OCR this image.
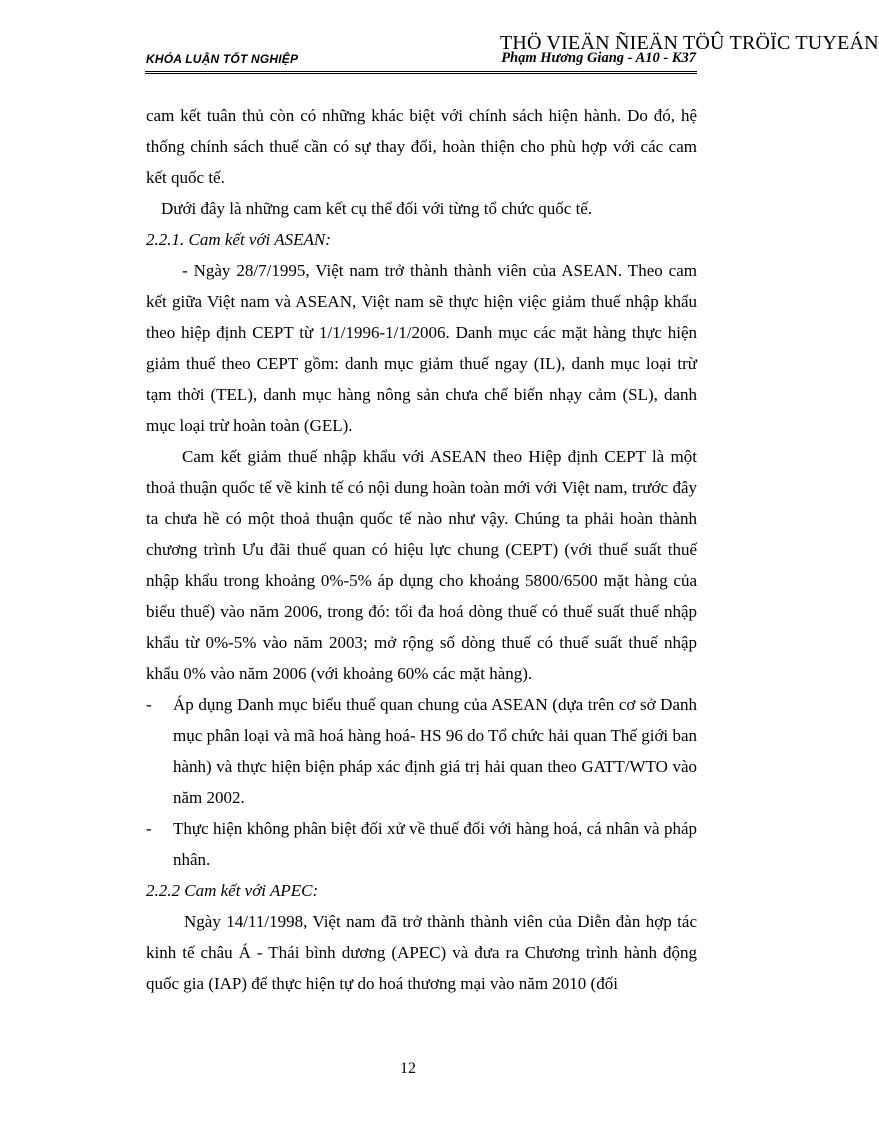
THÖ VIEÄN ÑIEÄN TÖÛ TRÖÏC TUYEÁN
KHÓA LUẬN TỐT NGHIỆP	Phạm Hương Giang - A10 - K37

cam kết tuân thủ còn có những khác biệt với chính sách hiện hành. Do đó, hệ thống chính sách thuế cần có sự thay đổi, hoàn thiện cho phù hợp với các cam kết quốc tế.

Dưới đây là những cam kết cụ thể đối với từng tổ chức quốc tế.

2.2.1. Cam kết với ASEAN:

- Ngày 28/7/1995, Việt nam trở thành thành viên của ASEAN. Theo cam kết giữa Việt nam và ASEAN, Việt nam sẽ thực hiện việc giảm thuế nhập khẩu theo hiệp định CEPT từ 1/1/1996-1/1/2006. Danh mục các mặt hàng thực hiện giảm thuế theo CEPT gồm: danh mục giảm thuế ngay (IL), danh mục loại trừ tạm thời (TEL), danh mục hàng nông sản chưa chế biến nhạy cảm (SL), danh mục loại trừ hoàn toàn (GEL).

Cam kết giảm thuế nhập khẩu với ASEAN theo Hiệp định CEPT là một thoả thuận quốc tế về kinh tế có nội dung hoàn toàn mới với Việt nam, trước đây ta chưa hề có một thoả thuận quốc tế nào như vậy. Chúng ta phải hoàn thành chương trình Ưu đãi thuế quan có hiệu lực chung (CEPT) (với thuế suất thuế nhập khẩu trong khoảng 0%-5% áp dụng cho khoảng 5800/6500 mặt hàng của biểu thuế) vào năm 2006, trong đó: tối đa hoá dòng thuế có thuế suất thuế nhập khẩu từ 0%-5% vào năm 2003; mở rộng số dòng thuế có thuế suất thuế nhập khẩu 0% vào năm 2006 (với khoảng 60% các mặt hàng).

- Áp dụng Danh mục biểu thuế quan chung của ASEAN (dựa trên cơ sở Danh mục phân loại và mã hoá hàng hoá- HS 96 do Tổ chức hải quan Thế giới ban hành) và thực hiện biện pháp xác định giá trị hải quan theo GATT/WTO vào năm 2002.
- Thực hiện không phân biệt đối xử về thuế đối với hàng hoá, cá nhân và pháp nhân.

2.2.2 Cam kết với APEC:

Ngày 14/11/1998, Việt nam đã trở thành thành viên của Diễn đàn hợp tác kinh tế châu Á - Thái bình dương (APEC) và đưa ra Chương trình hành động quốc gia (IAP) để thực hiện tự do hoá thương mại vào năm 2010 (đối

12
